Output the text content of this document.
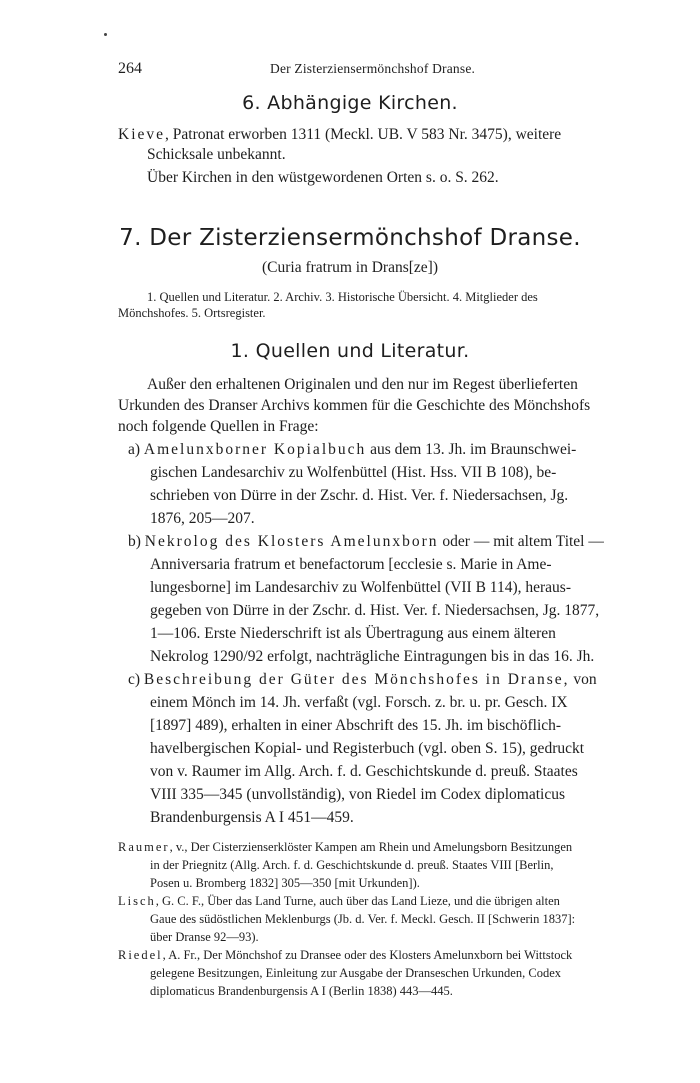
264	Der Zisterziensermönchshof Dranse.
6. Abhängige Kirchen.

Kieve, Patronat erworben 1311 (Meckl. UB. V 583 Nr. 3475), weitere

Schicksale unbekannt.

Über Kirchen in den wüstgewordenen Orten s. o. S. 262.

7. Der Zisterziensermönchshof Dranse.

(Curia fratrum in Drans[ze])

1. Quellen und Literatur. 2. Archiv. 3. Historische Übersicht. 4. Mitglieder des

Mönchshofes. 5. Ortsregister.

1. Quellen und Literatur.

Außer den erhaltenen Originalen und den nur im Regest überlieferten

Urkunden des Dranser Archivs kommen für die Geschichte des Mönchshofs

noch folgende Quellen in Frage:

a) Amelunxborner Kopialbuch aus dem 13. Jh. im Braunschwei-

gischen Landesarchiv zu Wolfenbüttel (Hist. Hss. VII B 108), be-

schrieben von Dürre in der Zschr. d. Hist. Ver. f. Niedersachsen, Jg.

1876, 205—207.

b) Nekrolog des Klosters Amelunxborn oder — mit altem Titel —

Anniversaria fratrum et benefactorum [ecclesie s. Marie in Ame-

lungesborne] im Landesarchiv zu Wolfenbüttel (VII B 114), heraus-

gegeben von Dürre in der Zschr. d. Hist. Ver. f. Niedersachsen, Jg. 1877,

1—106. Erste Niederschrift ist als Übertragung aus einem älteren

Nekrolog 1290/92 erfolgt, nachträgliche Eintragungen bis in das 16. Jh.

c) Beschreibung der Güter des Mönchshofes in Dranse, von

einem Mönch im 14. Jh. verfaßt (vgl. Forsch. z. br. u. pr. Gesch. IX

[1897] 489), erhalten in einer Abschrift des 15. Jh. im bischöflich-

havelbergischen Kopial- und Registerbuch (vgl. oben S. 15), gedruckt

von v. Raumer im Allg. Arch. f. d. Geschichtskunde d. preuß. Staates

VIII 335—345 (unvollständig), von Riedel im Codex diplomaticus

Brandenburgensis A I 451—459.

Raumer, v., Der Cisterzienserklöster Kampen am Rhein und Amelungsborn Besitzungen

in der Priegnitz (Allg. Arch. f. d. Geschichtskunde d. preuß. Staates VIII [Berlin,

Posen u. Bromberg 1832] 305—350 [mit Urkunden]).

Lisch, G. C. F., Über das Land Turne, auch über das Land Lieze, und die übrigen alten

Gaue des südöstlichen Meklenburgs (Jb. d. Ver. f. Meckl. Gesch. II [Schwerin 1837]:

über Dranse 92—93).

Riedel, A. Fr., Der Mönchshof zu Dransee oder des Klosters Amelunxborn bei Wittstock

gelegene Besitzungen, Einleitung zur Ausgabe der Dranseschen Urkunden, Codex

diplomaticus Brandenburgensis A I (Berlin 1838) 443—445.
